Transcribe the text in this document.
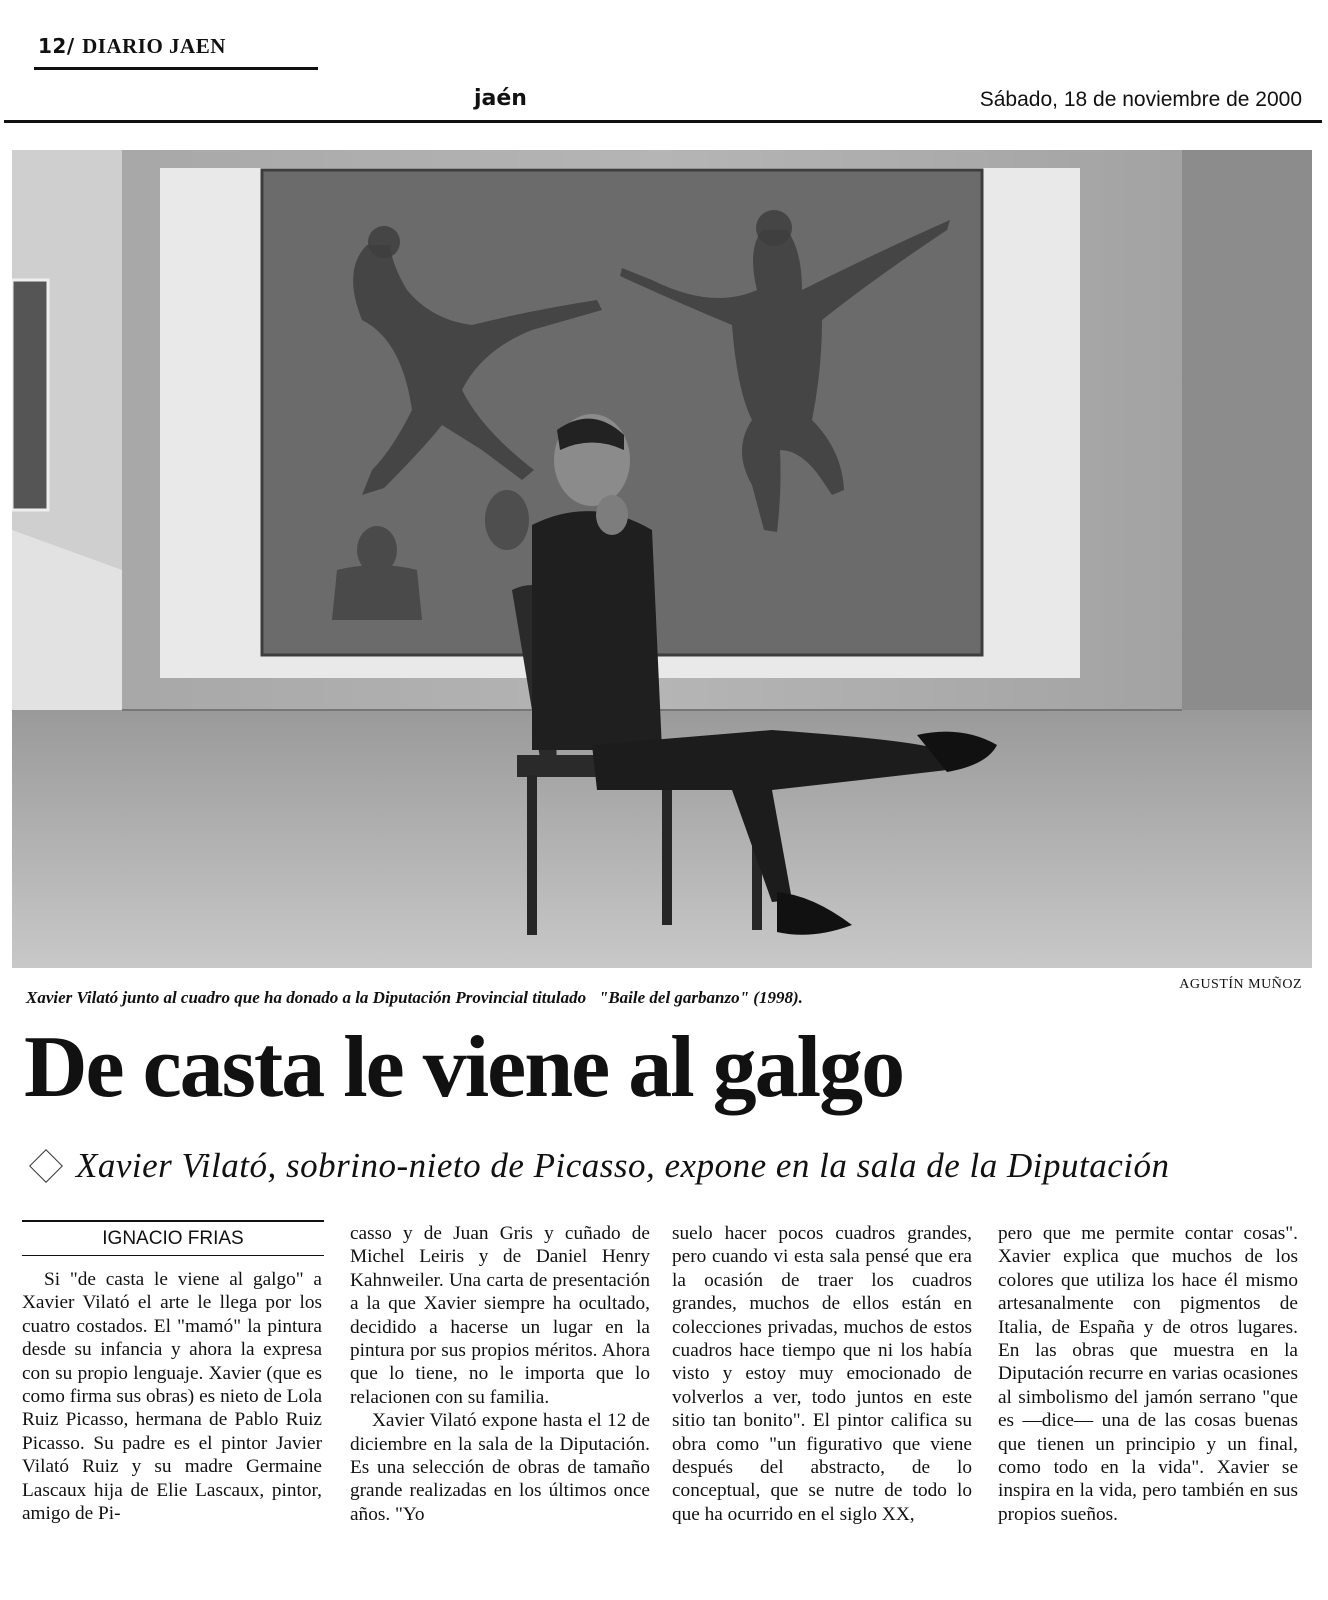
12/ DIARIO JAEN
jaén	Sábado, 18 de noviembre de 2000
AGUSTÍN MUÑOZ
Xavier Vilató junto al cuadro que ha donado a la Diputación Provincial titulado "Baile del garbanzo" (1998).
De casta le viene al galgo
Xavier Vilató, sobrino-nieto de Picasso, expone en la sala de la Diputación
IGNACIO FRIAS

Si "de casta le viene al galgo" a Xavier Vilató el arte le llega por los cuatro costados. El "mamó" la pintura desde su infancia y ahora la expresa con su propio lenguaje. Xavier (que es como firma sus obras) es nieto de Lola Ruiz Picasso, hermana de Pablo Ruiz Picasso. Su padre es el pintor Javier Vilató Ruiz y su madre Germaine Lascaux hija de Elie Lascaux, pintor, amigo de Pi-

casso y de Juan Gris y cuñado de Michel Leiris y de Daniel Henry Kahnweiler. Una carta de presentación a la que Xavier siempre ha ocultado, decidido a hacerse un lugar en la pintura por sus propios méritos. Ahora que lo tiene, no le importa que lo relacionen con su familia.

Xavier Vilató expone hasta el 12 de diciembre en la sala de la Diputación. Es una selección de obras de tamaño grande realizadas en los últimos once años. "Yo

suelo hacer pocos cuadros grandes, pero cuando vi esta sala pensé que era la ocasión de traer los cuadros grandes, muchos de ellos están en colecciones privadas, muchos de estos cuadros hace tiempo que ni los había visto y estoy muy emocionado de volverlos a ver, todo juntos en este sitio tan bonito". El pintor califica su obra como "un figurativo que viene después del abstracto, de lo conceptual, que se nutre de todo lo que ha ocurrido en el siglo XX,

pero que me permite contar cosas". Xavier explica que muchos de los colores que utiliza los hace él mismo artesanalmente con pigmentos de Italia, de España y de otros lugares. En las obras que muestra en la Diputación recurre en varias ocasiones al simbolismo del jamón serrano "que es —dice— una de las cosas buenas que tienen un principio y un final, como todo en la vida". Xavier se inspira en la vida, pero también en sus propios sueños.
